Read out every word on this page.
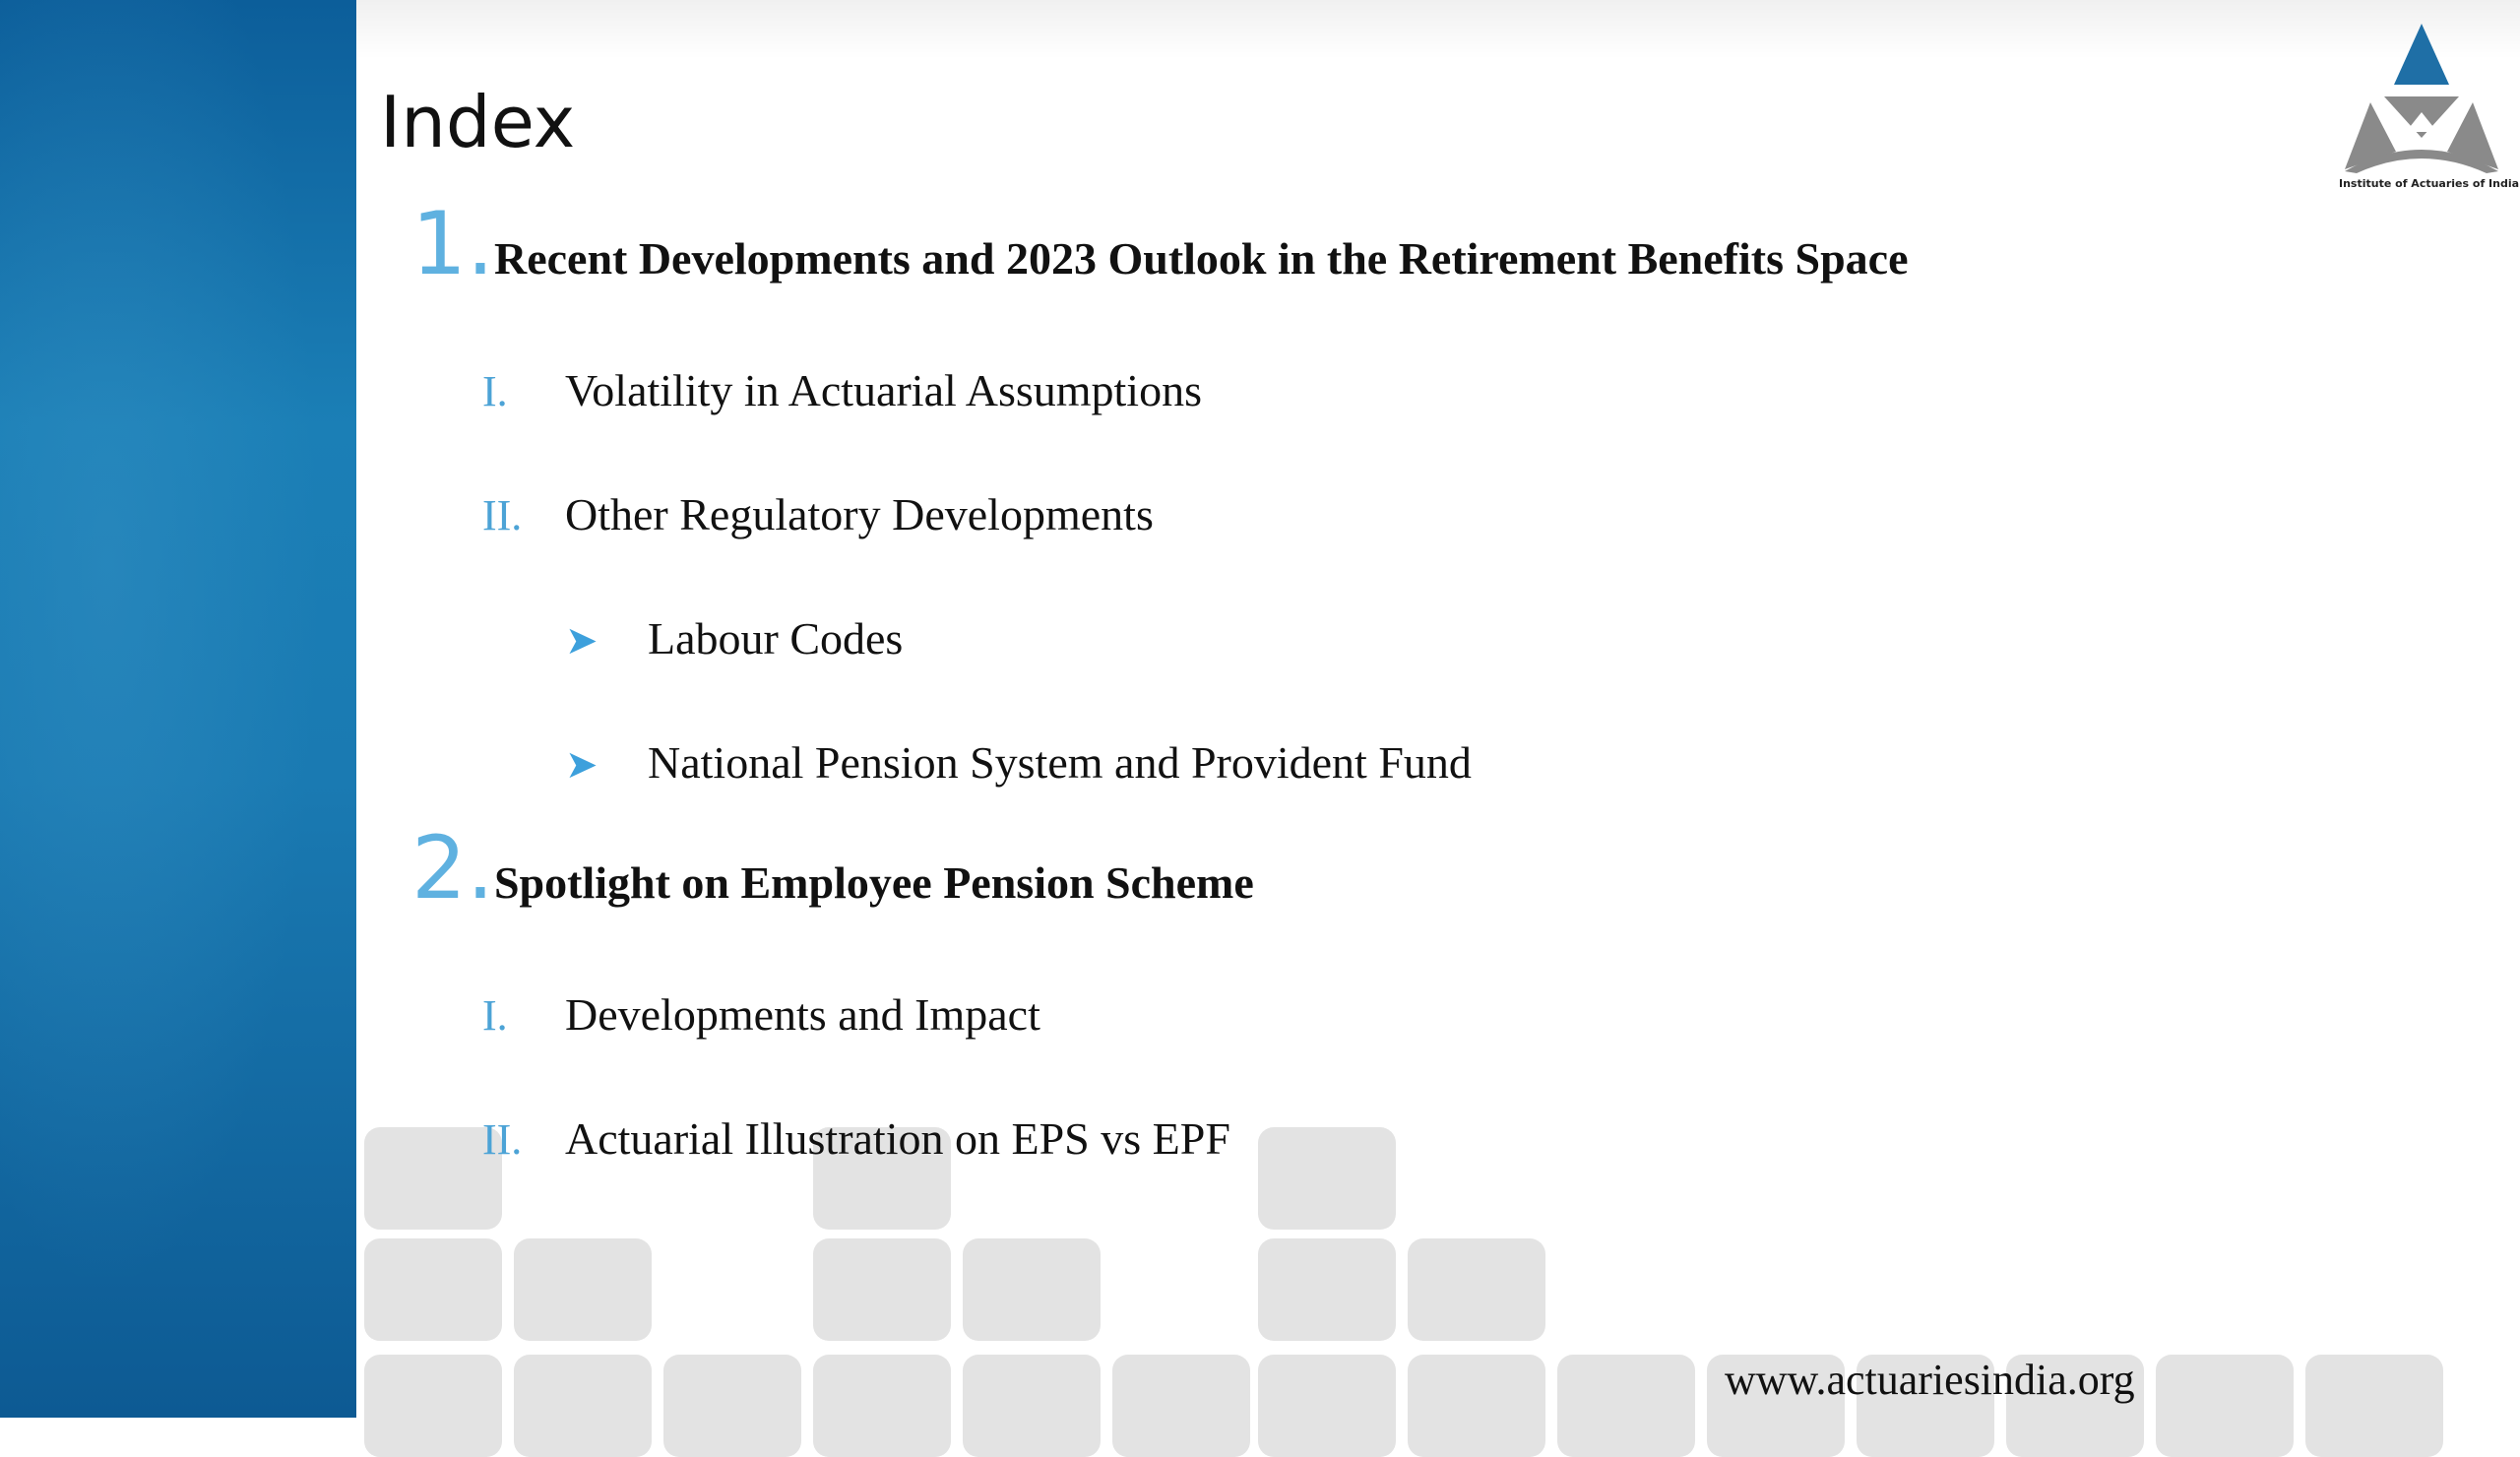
Index
Institute of Actuaries of India
1. Recent Developments and 2023 Outlook in the Retirement Benefits Space
I.	Volatility in Actuarial Assumptions
II. Other Regulatory Developments
➤	Labour Codes
➤	National Pension System and Provident Fund
2. Spotlight on Employee Pension Scheme
I.	Developments and Impact
II. Actuarial Illustration on EPS vs EPF
www.actuariesindia.org
